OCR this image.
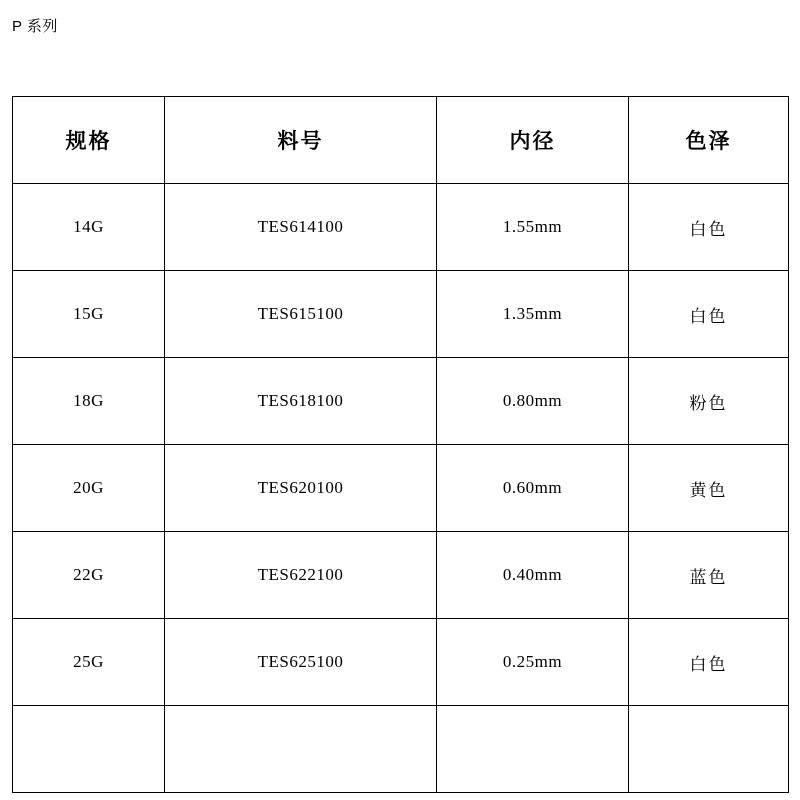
P 系列
规格	料号	内径	色泽
14G	TES614100	1.55mm	白色
15G	TES615100	1.35mm	白色
18G	TES618100	0.80mm	粉色
20G	TES620100	0.60mm	黄色
22G	TES622100	0.40mm	蓝色
25G	TES625100	0.25mm	白色
